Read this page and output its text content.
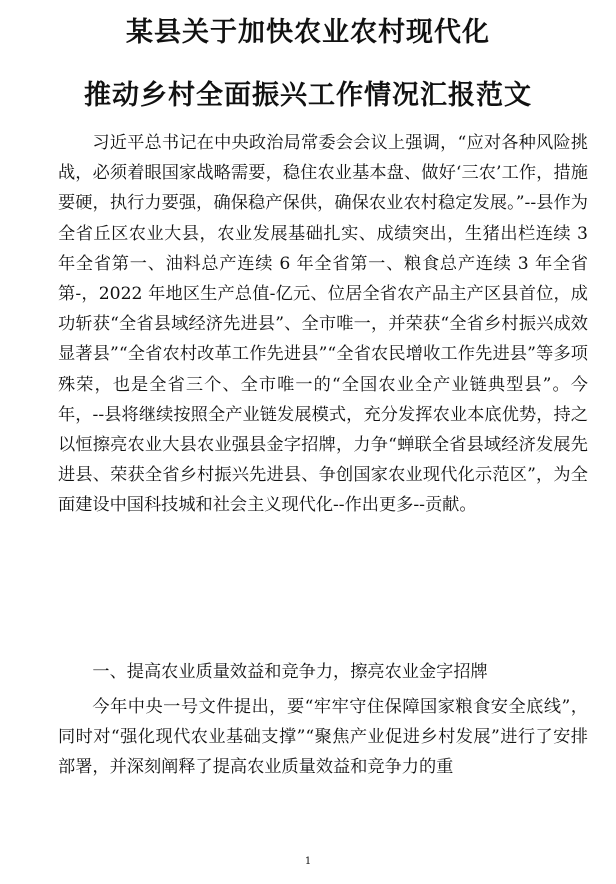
某县关于加快农业农村现代化
推动乡村全面振兴工作情况汇报范文

习近平总书记在中央政治局常委会会议上强调，“应对各种风险挑战，必须着眼国家战略需要，稳住农业基本盘、做好‘三农’工作，措施要硬，执行力要强，确保稳产保供，确保农业农村稳定发展。”--县作为全省丘区农业大县，农业发展基础扎实、成绩突出，生猪出栏连续 3 年全省第一、油料总产连续 6 年全省第一、粮食总产连续 3 年全省第-，2022 年地区生产总值-亿元、位居全省农产品主产区县首位，成功斩获“全省县域经济先进县”、全市唯一，并荣获“全省乡村振兴成效显著县”“全省农村改革工作先进县”“全省农民增收工作先进县”等多项殊荣，也是全省三个、全市唯一的“全国农业全产业链典型县”。今年，--县将继续按照全产业链发展模式，充分发挥农业本底优势，持之以恒擦亮农业大县农业强县金字招牌，力争“蝉联全省县域经济发展先进县、荣获全省乡村振兴先进县、争创国家农业现代化示范区”，为全面建设中国科技城和社会主义现代化--作出更多--贡献。

一、提高农业质量效益和竞争力，擦亮农业金字招牌

今年中央一号文件提出，要“牢牢守住保障国家粮食安全底线”，同时对“强化现代农业基础支撑”“聚焦产业促进乡村发展”进行了安排部署，并深刻阐释了提高农业质量效益和竞争力的重

1
